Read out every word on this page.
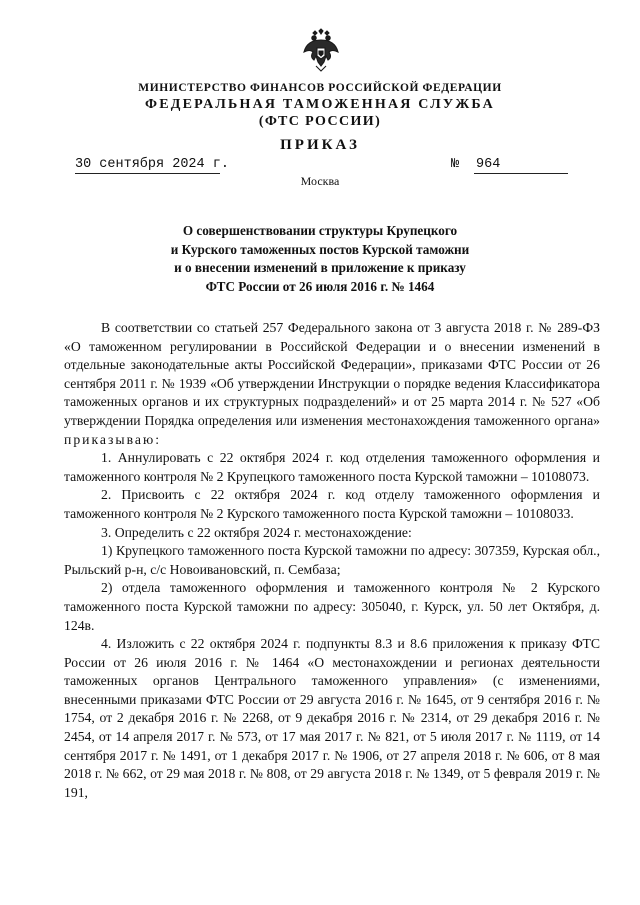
МИНИСТЕРСТВО ФИНАНСОВ РОССИЙСКОЙ ФЕДЕРАЦИИ
ФЕДЕРАЛЬНАЯ ТАМОЖЕННАЯ СЛУЖБА
(ФТС РОССИИ)
ПРИКАЗ
30 сентября 2024 г.	№ 964
Москва
О совершенствовании структуры Крупецкого
и Курского таможенных постов Курской таможни
и о внесении изменений в приложение к приказу
ФТС России от 26 июля 2016 г. № 1464

В соответствии со статьей 257 Федерального закона от 3 августа 2018 г. № 289-ФЗ «О таможенном регулировании в Российской Федерации и о внесении изменений в отдельные законодательные акты Российской Федерации», приказами ФТС России от 26 сентября 2011 г. № 1939 «Об утверждении Инструкции о порядке ведения Классификатора таможенных органов и их структурных подразделений» и от 25 марта 2014 г. № 527 «Об утверждении Порядка определения или изменения местонахождения таможенного органа» приказываю:

1. Аннулировать с 22 октября 2024 г. код отделения таможенного оформления и таможенного контроля № 2 Крупецкого таможенного поста Курской таможни – 10108073.

2. Присвоить с 22 октября 2024 г. код отделу таможенного оформления и таможенного контроля № 2 Курского таможенного поста Курской таможни – 10108033.

3. Определить с 22 октября 2024 г. местонахождение:

1) Крупецкого таможенного поста Курской таможни по адресу: 307359, Курская обл., Рыльский р-н, с/с Новоивановский, п. Сембаза;

2) отдела таможенного оформления и таможенного контроля № 2 Курского таможенного поста Курской таможни по адресу: 305040, г. Курск, ул. 50 лет Октября, д. 124в.

4. Изложить с 22 октября 2024 г. подпункты 8.3 и 8.6 приложения к приказу ФТС России от 26 июля 2016 г. № 1464 «О местонахождении и регионах деятельности таможенных органов Центрального таможенного управления» (с изменениями, внесенными приказами ФТС России от 29 августа 2016 г. № 1645, от 9 сентября 2016 г. № 1754, от 2 декабря 2016 г. № 2268, от 9 декабря 2016 г. № 2314, от 29 декабря 2016 г. № 2454, от 14 апреля 2017 г. № 573, от 17 мая 2017 г. № 821, от 5 июля 2017 г. № 1119, от 14 сентября 2017 г. № 1491, от 1 декабря 2017 г. № 1906, от 27 апреля 2018 г. № 606, от 8 мая 2018 г. № 662, от 29 мая 2018 г. № 808, от 29 августа 2018 г. № 1349, от 5 февраля 2019 г. № 191,
